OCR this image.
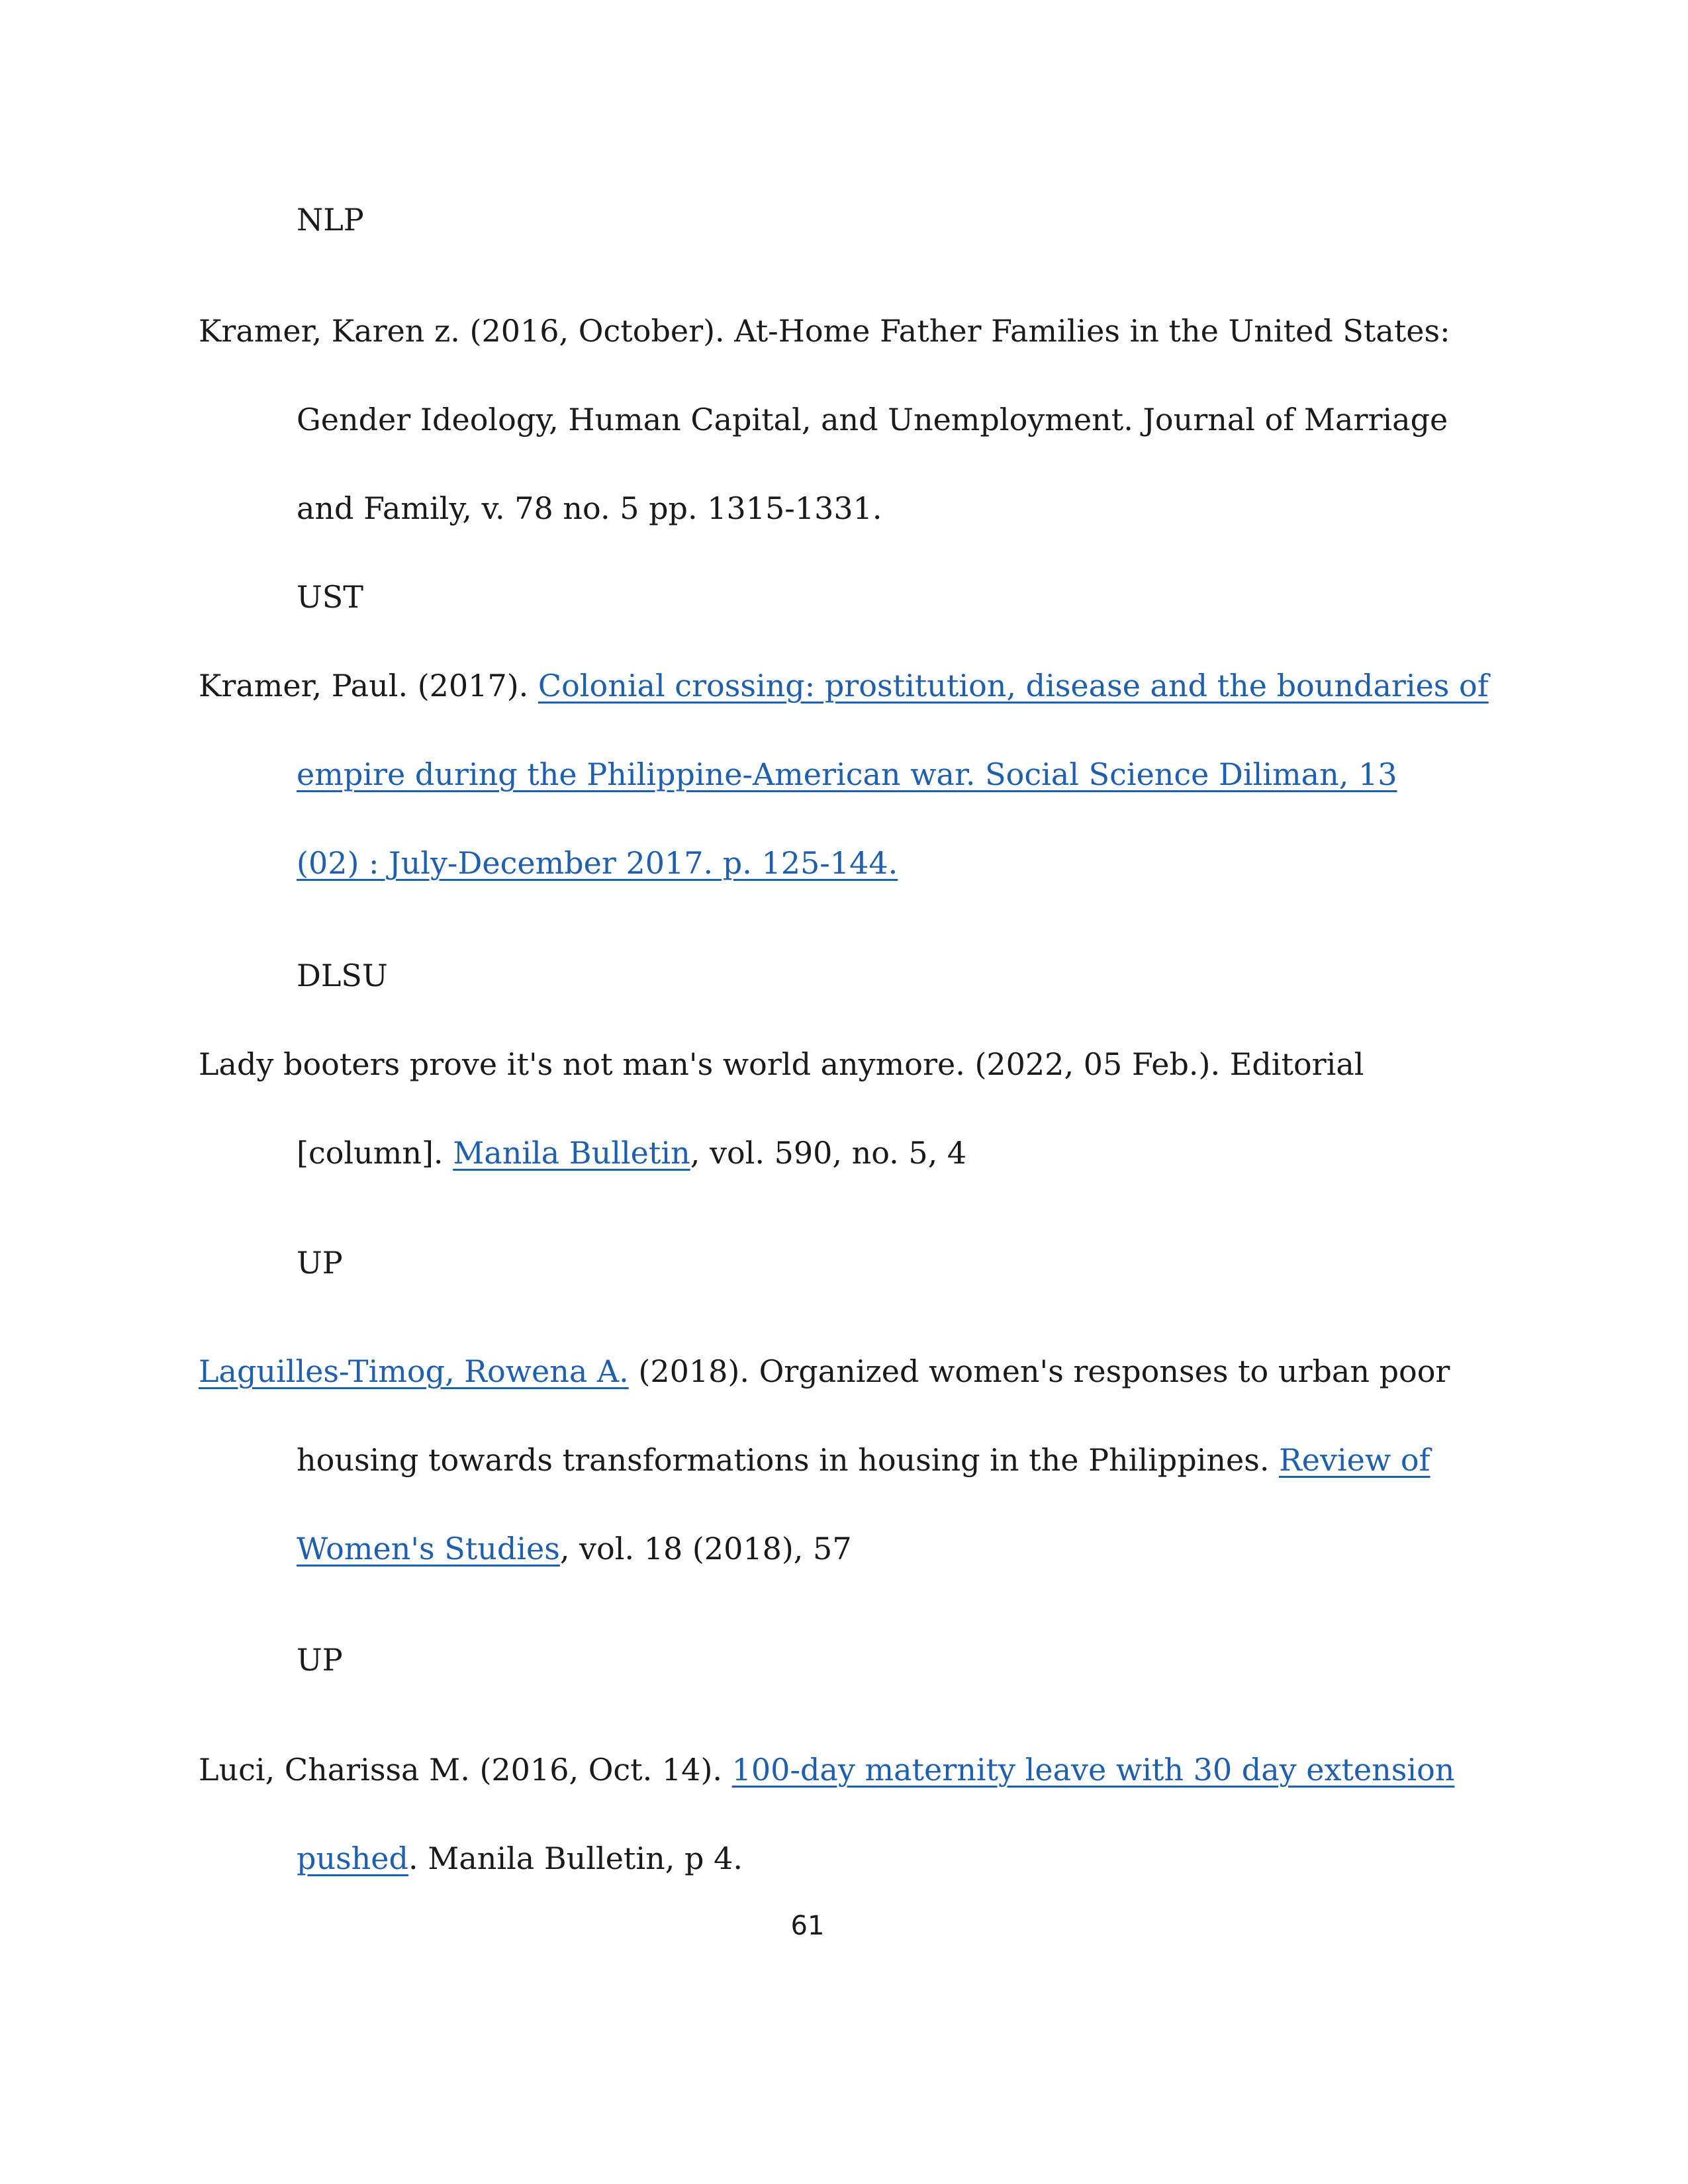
NLP

Kramer, Karen z. (2016, October). At-Home Father Families in the United States:

Gender Ideology, Human Capital, and Unemployment. Journal of Marriage

and Family, v. 78 no. 5 pp. 1315-1331.

UST

Kramer, Paul. (2017). Colonial crossing: prostitution, disease and the boundaries of

empire during the Philippine-American war. Social Science Diliman, 13

(02) : July-December 2017. p. 125-144.

DLSU

Lady booters prove it's not man's world anymore. (2022, 05 Feb.). Editorial

[column]. Manila Bulletin, vol. 590, no. 5, 4

UP

Laguilles-Timog, Rowena A. (2018). Organized women's responses to urban poor

housing towards transformations in housing in the Philippines. Review of

Women's Studies, vol. 18 (2018), 57

UP

Luci, Charissa M. (2016, Oct. 14). 100-day maternity leave with 30 day extension

pushed. Manila Bulletin, p 4.

61
